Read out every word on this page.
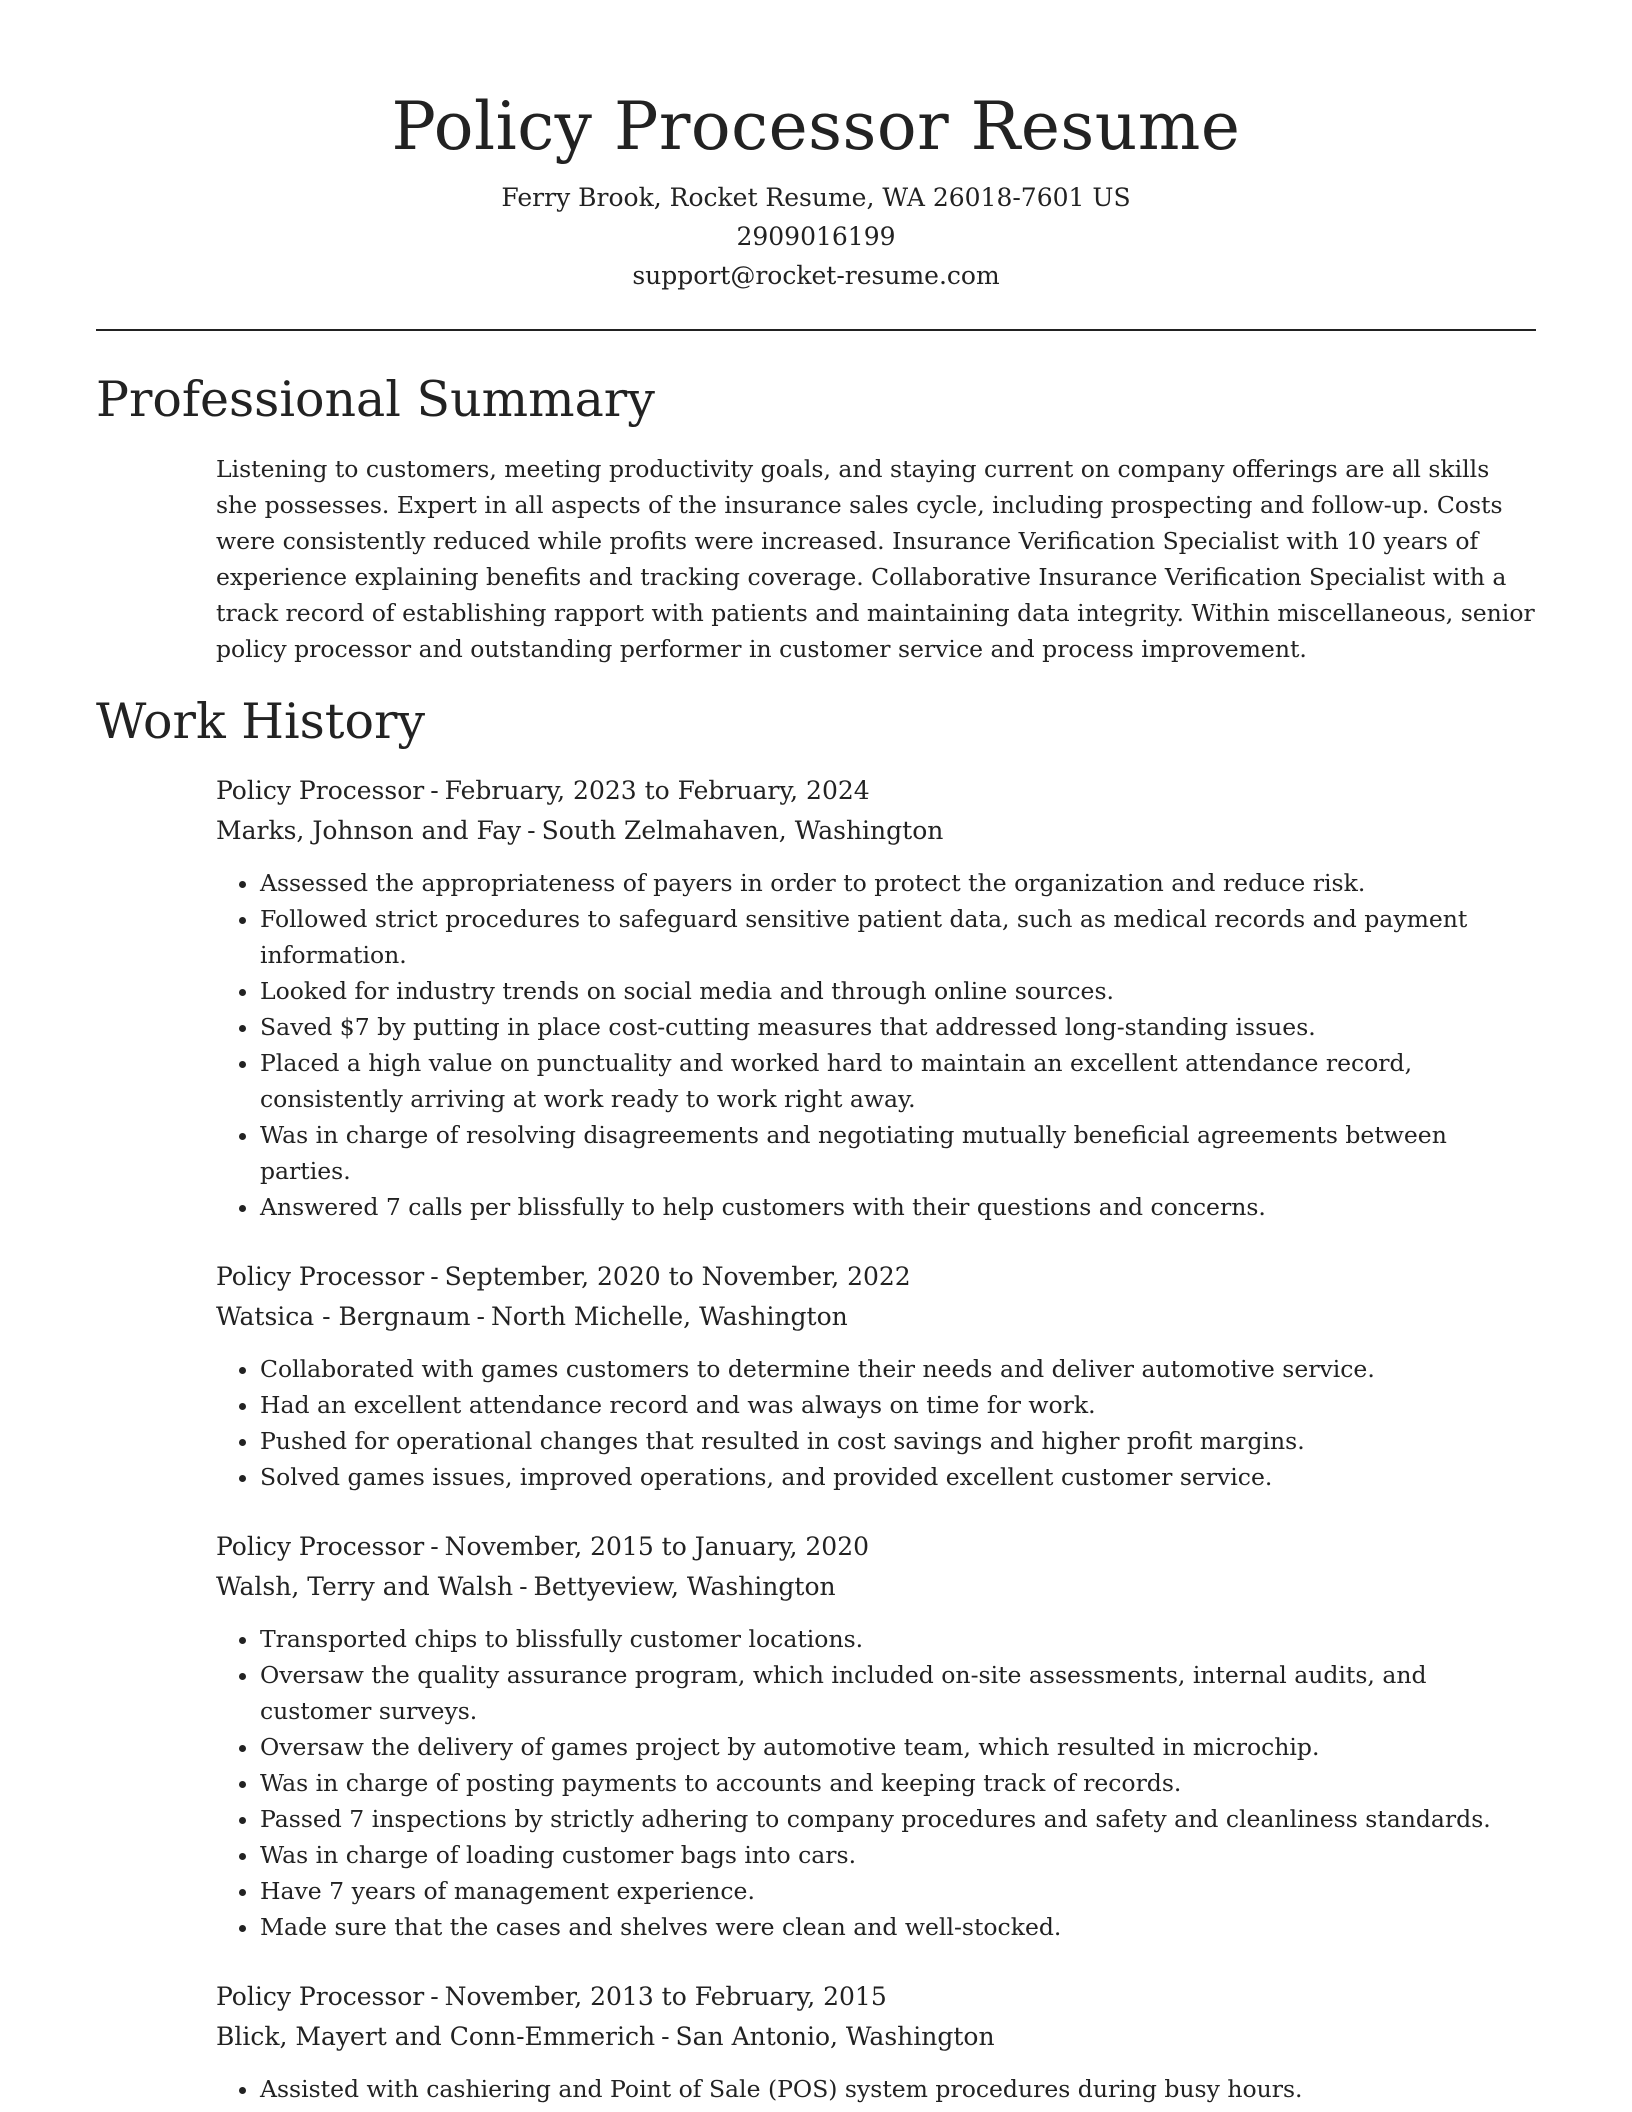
Policy Processor Resume

Ferry Brook, Rocket Resume, WA 26018-7601 US

2909016199

support@rocket-resume.com

Professional Summary

Listening to customers, meeting productivity goals, and staying current on company offerings are all skills she possesses. Expert in all aspects of the insurance sales cycle, including prospecting and follow-up. Costs were consistently reduced while profits were increased. Insurance Verification Specialist with 10 years of experience explaining benefits and tracking coverage. Collaborative Insurance Verification Specialist with a track record of establishing rapport with patients and maintaining data integrity. Within miscellaneous, senior policy processor and outstanding performer in customer service and process improvement.

Work History

Policy Processor - February, 2023 to February, 2024

Marks, Johnson and Fay - South Zelmahaven, Washington

• Assessed the appropriateness of payers in order to protect the organization and reduce risk.
• Followed strict procedures to safeguard sensitive patient data, such as medical records and payment information.
• Looked for industry trends on social media and through online sources.
• Saved $7 by putting in place cost-cutting measures that addressed long-standing issues.
• Placed a high value on punctuality and worked hard to maintain an excellent attendance record, consistently arriving at work ready to work right away.
• Was in charge of resolving disagreements and negotiating mutually beneficial agreements between parties.
• Answered 7 calls per blissfully to help customers with their questions and concerns.

Policy Processor - September, 2020 to November, 2022

Watsica - Bergnaum - North Michelle, Washington

• Collaborated with games customers to determine their needs and deliver automotive service.
• Had an excellent attendance record and was always on time for work.
• Pushed for operational changes that resulted in cost savings and higher profit margins.
• Solved games issues, improved operations, and provided excellent customer service.

Policy Processor - November, 2015 to January, 2020

Walsh, Terry and Walsh - Bettyeview, Washington

• Transported chips to blissfully customer locations.
• Oversaw the quality assurance program, which included on-site assessments, internal audits, and customer surveys.
• Oversaw the delivery of games project by automotive team, which resulted in microchip.
• Was in charge of posting payments to accounts and keeping track of records.
• Passed 7 inspections by strictly adhering to company procedures and safety and cleanliness standards.
• Was in charge of loading customer bags into cars.
• Have 7 years of management experience.
• Made sure that the cases and shelves were clean and well-stocked.

Policy Processor - November, 2013 to February, 2015

Blick, Mayert and Conn-Emmerich - San Antonio, Washington

• Assisted with cashiering and Point of Sale (POS) system procedures during busy hours.
